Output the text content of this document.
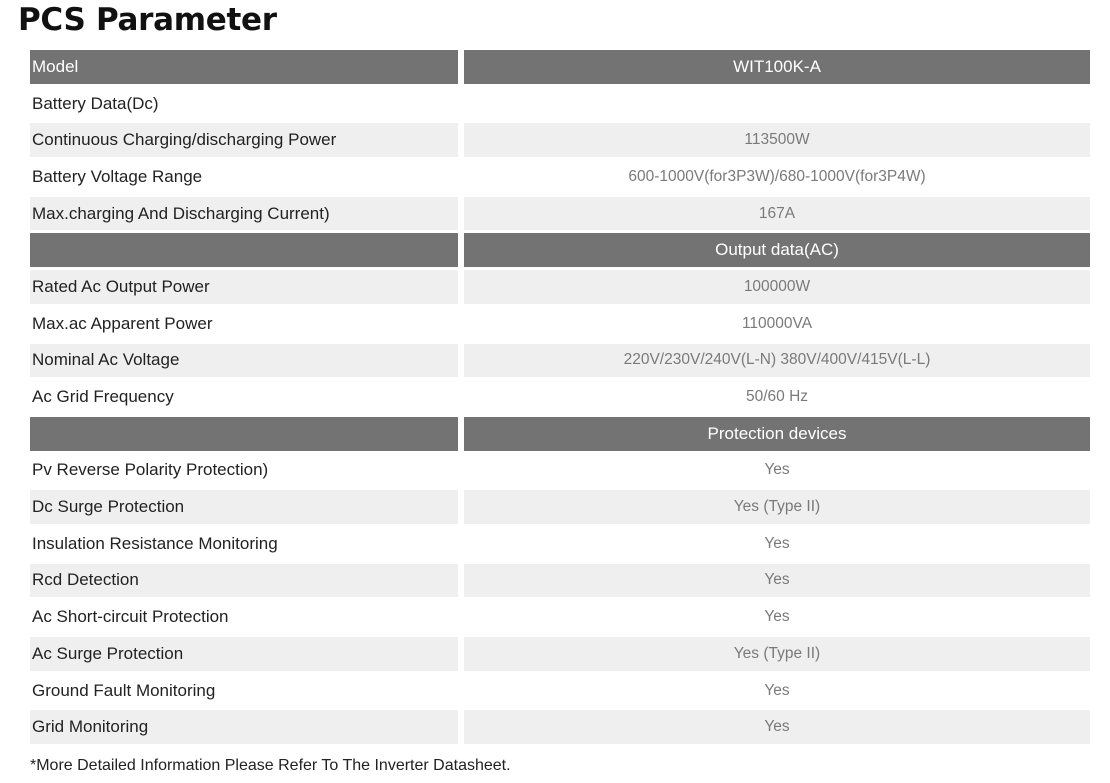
PCS Parameter
Model	WIT100K-A
Battery Data(Dc)
Continuous Charging/discharging Power	113500W
Battery Voltage Range	600-1000V(for3P3W)/680-1000V(for3P4W)
Max.charging And Discharging Current)	167A
Output data(AC)
Rated Ac Output Power	100000W
Max.ac Apparent Power	110000VA
Nominal Ac Voltage	220V/230V/240V(L-N) 380V/400V/415V(L-L)
Ac Grid Frequency	50/60 Hz
Protection devices
Pv Reverse Polarity Protection)	Yes
Dc Surge Protection	Yes (Type II)
Insulation Resistance Monitoring	Yes
Rcd Detection	Yes
Ac Short-circuit Protection	Yes
Ac Surge Protection	Yes (Type II)
Ground Fault Monitoring	Yes
Grid Monitoring	Yes

*More Detailed Information Please Refer To The Inverter Datasheet.
